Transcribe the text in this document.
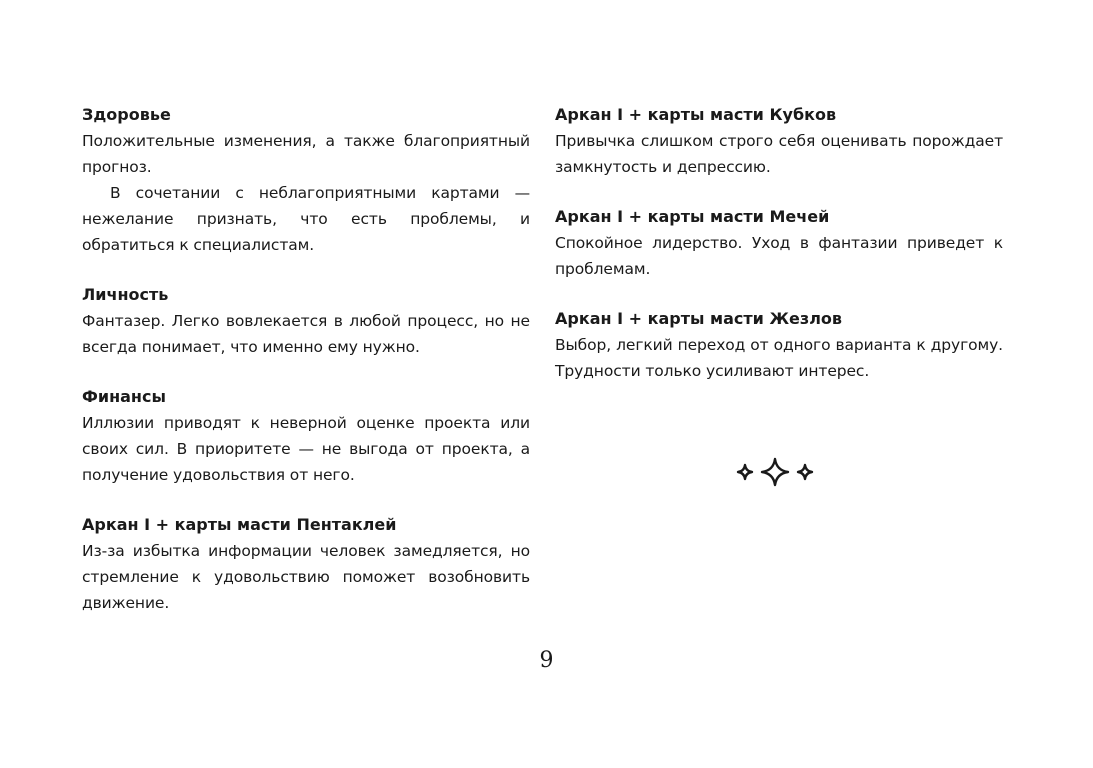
Здоровье

Положительные изменения, а также благоприятный прогноз.

В сочетании с неблагоприятными картами — нежелание признать, что есть проблемы, и обратиться к специалистам.

Личность

Фантазер. Легко вовлекается в любой процесс, но не всегда понимает, что именно ему нужно.

Финансы

Иллюзии приводят к неверной оценке проекта или своих сил. В приоритете — не выгода от проекта, а получение удовольствия от него.

Аркан I + карты масти Пентаклей

Из-за избытка информации человек замедляется, но стремление к удовольствию поможет возобновить движение.

Аркан I + карты масти Кубков

Привычка слишком строго себя оценивать порождает замкнутость и депрессию.

Аркан I + карты масти Мечей

Спокойное лидерство. Уход в фантазии приведет к проблемам.

Аркан I + карты масти Жезлов

Выбор, легкий переход от одного варианта к другому. Трудности только усиливают интерес.

9
